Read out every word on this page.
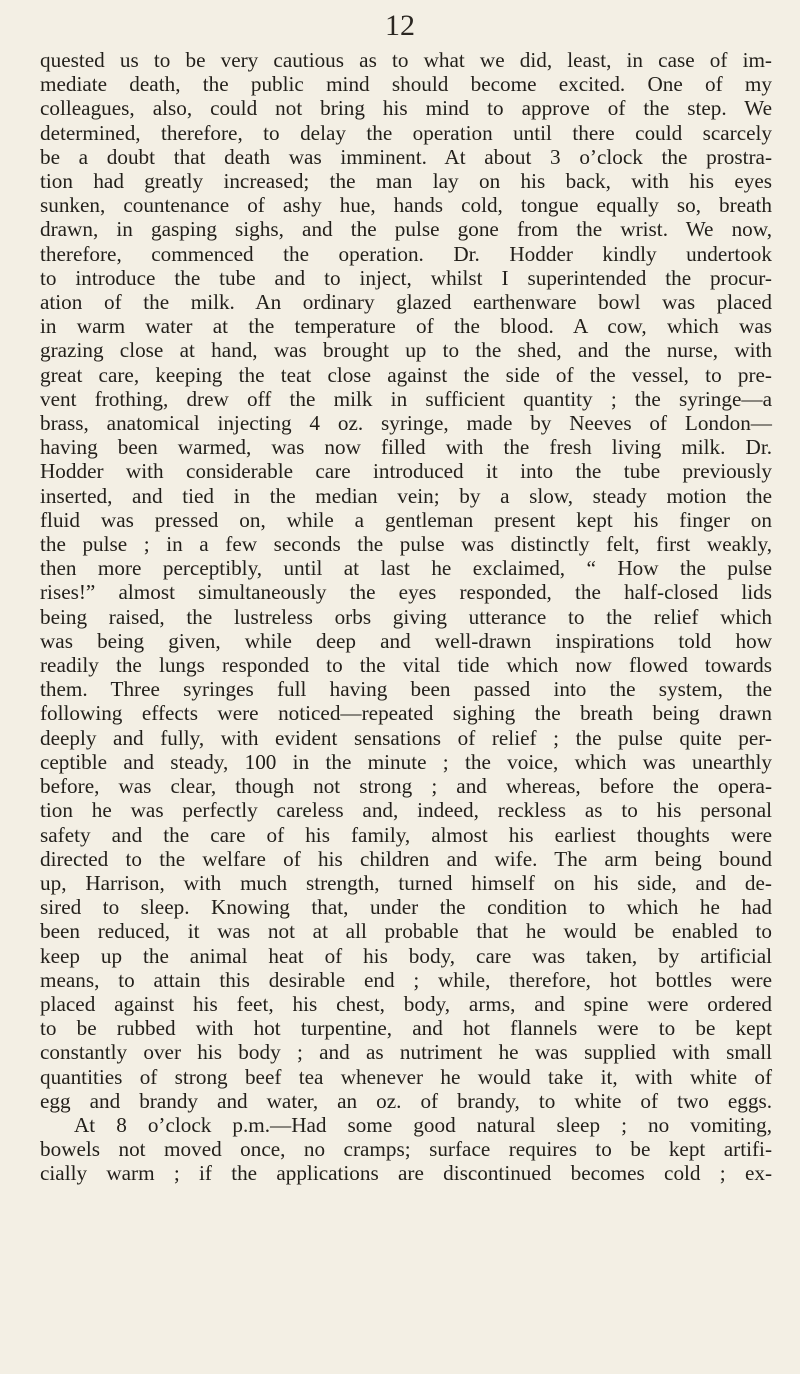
12
quested us to be very cautious as to what we did, least, in case of im-
mediate death, the public mind should become excited. One of my
colleagues, also, could not bring his mind to approve of the step. We
determined, therefore, to delay the operation until there could scarcely
be a doubt that death was imminent. At about 3 o’clock the prostra-
tion had greatly increased; the man lay on his back, with his eyes
sunken, countenance of ashy hue, hands cold, tongue equally so, breath
drawn, in gasping sighs, and the pulse gone from the wrist. We now,
therefore, commenced the operation. Dr. Hodder kindly undertook
to introduce the tube and to inject, whilst I superintended the procur-
ation of the milk. An ordinary glazed earthenware bowl was placed
in warm water at the temperature of the blood. A cow, which was
grazing close at hand, was brought up to the shed, and the nurse, with
great care, keeping the teat close against the side of the vessel, to pre-
vent frothing, drew off the milk in sufficient quantity ; the syringe—a
brass, anatomical injecting 4 oz. syringe, made by Neeves of London—
having been warmed, was now filled with the fresh living milk. Dr.
Hodder with considerable care introduced it into the tube previously
inserted, and tied in the median vein; by a slow, steady motion the
fluid was pressed on, while a gentleman present kept his finger on
the pulse ; in a few seconds the pulse was distinctly felt, first weakly,
then more perceptibly, until at last he exclaimed, “ How the pulse
rises!” almost simultaneously the eyes responded, the half-closed lids
being raised, the lustreless orbs giving utterance to the relief which
was being given, while deep and well-drawn inspirations told how
readily the lungs responded to the vital tide which now flowed towards
them. Three syringes full having been passed into the system, the
following effects were noticed—repeated sighing the breath being drawn
deeply and fully, with evident sensations of relief ; the pulse quite per-
ceptible and steady, 100 in the minute ; the voice, which was unearthly
before, was clear, though not strong ; and whereas, before the opera-
tion he was perfectly careless and, indeed, reckless as to his personal
safety and the care of his family, almost his earliest thoughts were
directed to the welfare of his children and wife. The arm being bound
up, Harrison, with much strength, turned himself on his side, and de-
sired to sleep. Knowing that, under the condition to which he had
been reduced, it was not at all probable that he would be enabled to
keep up the animal heat of his body, care was taken, by artificial
means, to attain this desirable end ; while, therefore, hot bottles were
placed against his feet, his chest, body, arms, and spine were ordered
to be rubbed with hot turpentine, and hot flannels were to be kept
constantly over his body ; and as nutriment he was supplied with small
quantities of strong beef tea whenever he would take it, with white of
egg and brandy and water, an oz. of brandy, to white of two eggs.
At 8 o’clock p.m.—Had some good natural sleep ; no vomiting,
bowels not moved once, no cramps; surface requires to be kept artifi-
cially warm ; if the applications are discontinued becomes cold ; ex-
